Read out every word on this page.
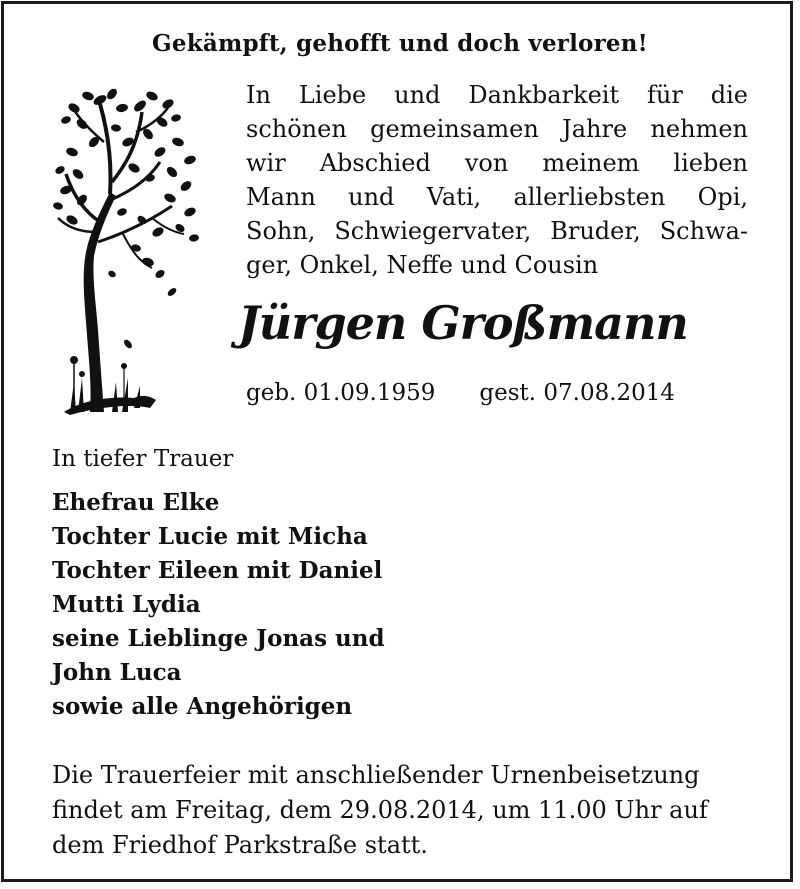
Gekämpft, gehofft und doch verloren!
In Liebe und Dankbarkeit für die
schönen gemeinsamen Jahre nehmen
wir Abschied von meinem lieben
Mann und Vati, allerliebsten Opi,
Sohn, Schwiegervater, Bruder, Schwa-
ger, Onkel, Neffe und Cousin
Jürgen Großmann
geb. 01.09.1959 gest. 07.08.2014
In tiefer Trauer
Ehefrau Elke
Tochter Lucie mit Micha
Tochter Eileen mit Daniel
Mutti Lydia
seine Lieblinge Jonas und
John Luca
sowie alle Angehörigen
Die Trauerfeier mit anschließender Urnenbeisetzung
findet am Freitag, dem 29.08.2014, um 11.00 Uhr auf
dem Friedhof Parkstraße statt.
